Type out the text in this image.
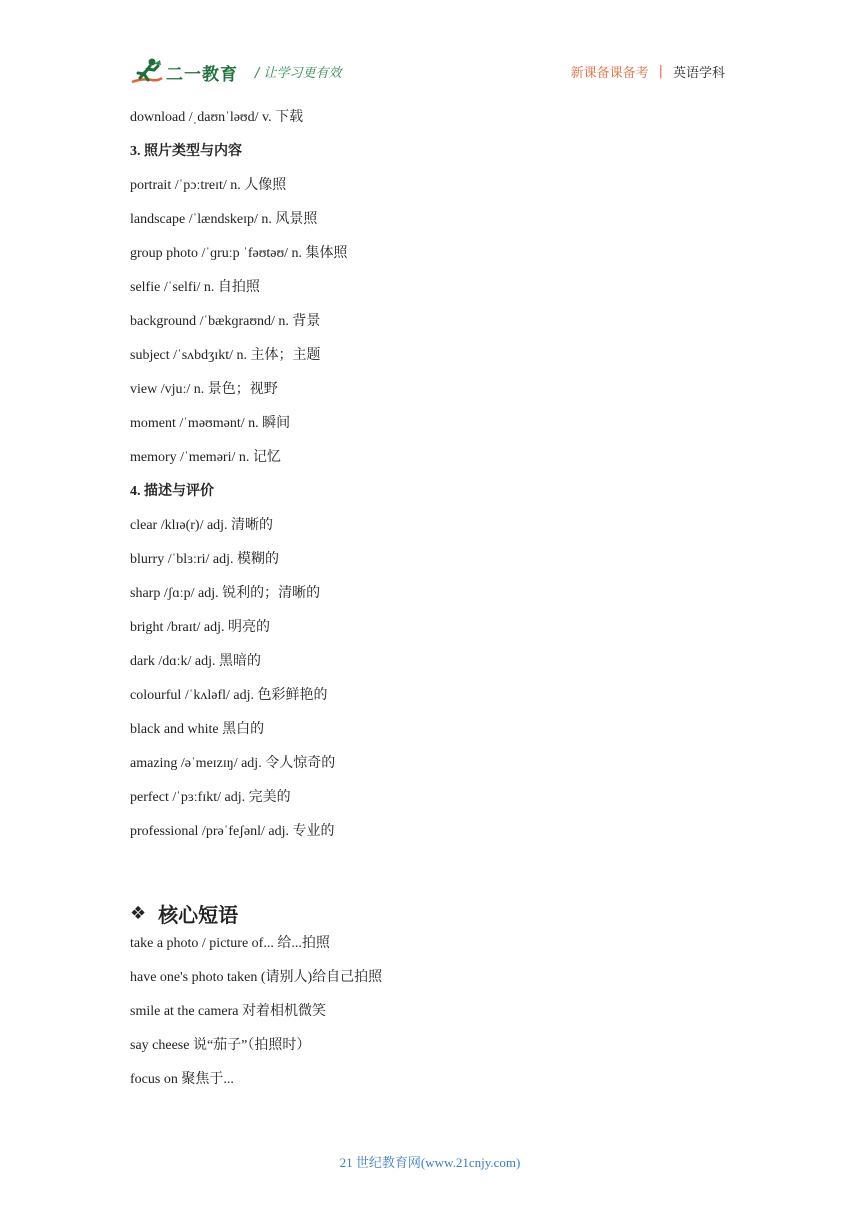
二一教育 / 让学习更有效	新课备课备考 | 英语学科
download /ˌdaʊnˈləʊd/ v. 下载
3. 照片类型与内容
portrait /ˈpɔːtreɪt/ n. 人像照
landscape /ˈlændskeɪp/ n. 风景照
group photo /ˈɡruːp ˈfəʊtəʊ/ n. 集体照
selfie /ˈselfi/ n. 自拍照
background /ˈbækɡraʊnd/ n. 背景
subject /ˈsʌbdʒɪkt/ n. 主体；主题
view /vjuː/ n. 景色；视野
moment /ˈməʊmənt/ n. 瞬间
memory /ˈmeməri/ n. 记忆
4. 描述与评价
clear /klɪə(r)/ adj. 清晰的
blurry /ˈblɜːri/ adj. 模糊的
sharp /ʃɑːp/ adj. 锐利的；清晰的
bright /braɪt/ adj. 明亮的
dark /dɑːk/ adj. 黑暗的
colourful /ˈkʌləfl/ adj. 色彩鲜艳的
black and white 黑白的
amazing /əˈmeɪzɪŋ/ adj. 令人惊奇的
perfect /ˈpɜːfɪkt/ adj. 完美的
professional /prəˈfeʃənl/ adj. 专业的
❖ 核心短语
take a photo / picture of... 给...拍照
have one's photo taken (请别人)给自己拍照
smile at the camera 对着相机微笑
say cheese 说“茄子”（拍照时）
focus on 聚焦于...
21 世纪教育网(www.21cnjy.com)
